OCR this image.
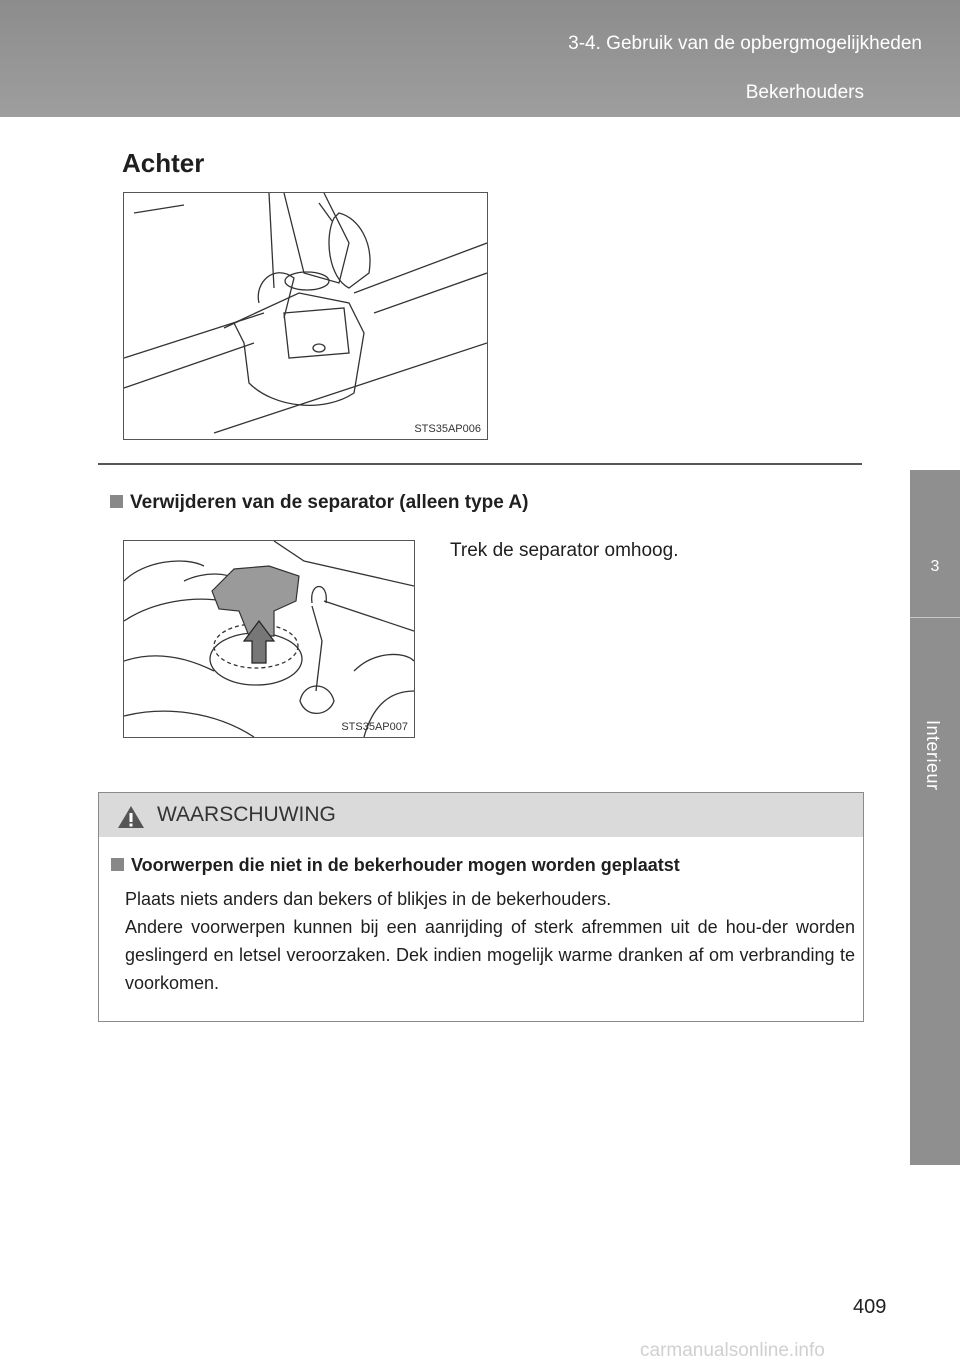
3-4. Gebruik van de opbergmogelijkheden
Bekerhouders
3
Interieur
Achter
STS35AP006
Verwijderen van de separator (alleen type A)
STS35AP007
Trek de separator omhoog.
WAARSCHUWING
Voorwerpen die niet in de bekerhouder mogen worden geplaatst

Plaats niets anders dan bekers of blikjes in de bekerhouders.

Andere voorwerpen kunnen bij een aanrijding of sterk afremmen uit de hou-der worden geslingerd en letsel veroorzaken. Dek indien mogelijk warme dranken af om verbranding te voorkomen.

409
carmanualsonline.info
